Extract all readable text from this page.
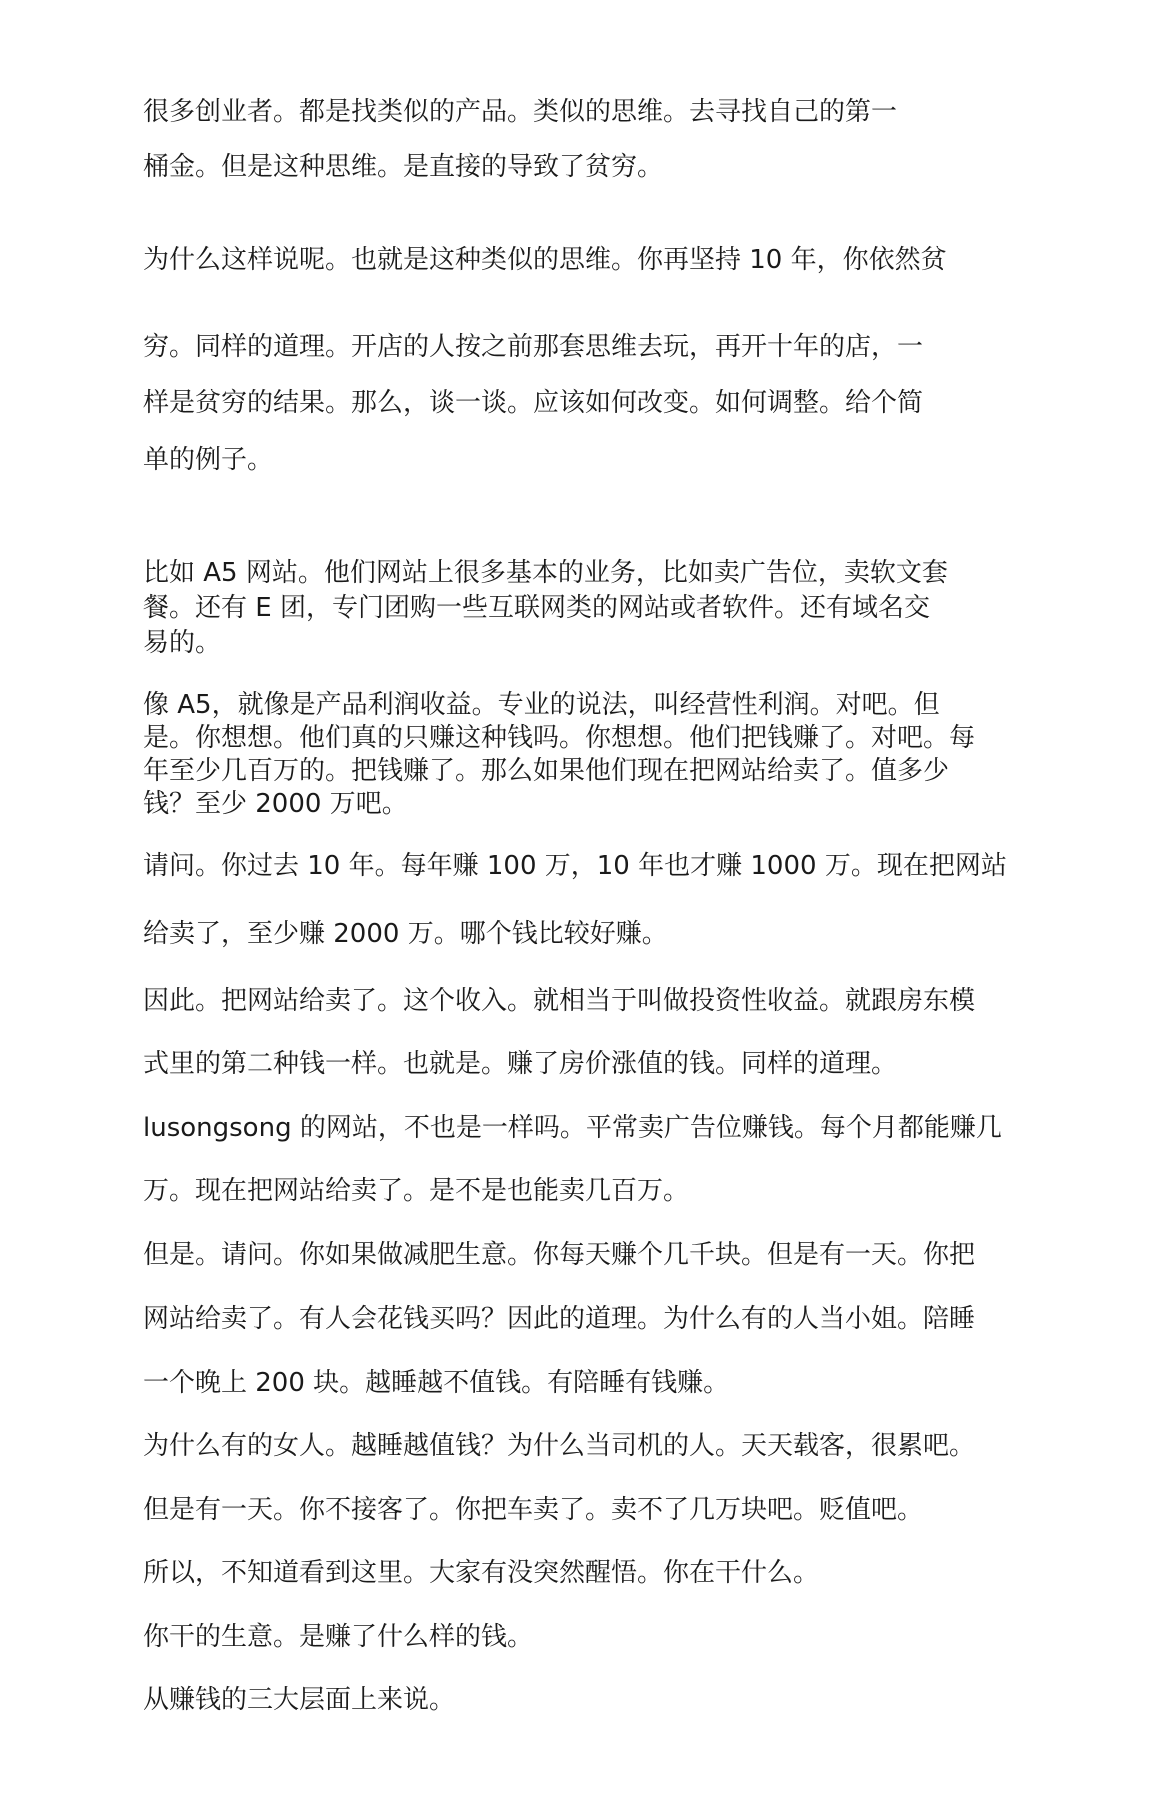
很多创业者。都是找类似的产品。类似的思维。去寻找自己的第一

桶金。但是这种思维。是直接的导致了贫穷。

为什么这样说呢。也就是这种类似的思维。你再坚持 10 年，你依然贫

穷。同样的道理。开店的人按之前那套思维去玩，再开十年的店，一

样是贫穷的结果。那么，谈一谈。应该如何改变。如何调整。给个简

单的例子。

比如 A5 网站。他们网站上很多基本的业务，比如卖广告位，卖软文套

餐。还有 E 团，专门团购一些互联网类的网站或者软件。还有域名交

易的。

像 A5，就像是产品利润收益。专业的说法，叫经营性利润。对吧。但

是。你想想。他们真的只赚这种钱吗。你想想。他们把钱赚了。对吧。每

年至少几百万的。把钱赚了。那么如果他们现在把网站给卖了。值多少

钱？至少 2000 万吧。

请问。你过去 10 年。每年赚 100 万，10 年也才赚 1000 万。现在把网站

给卖了，至少赚 2000 万。哪个钱比较好赚。

因此。把网站给卖了。这个收入。就相当于叫做投资性收益。就跟房东模

式里的第二种钱一样。也就是。赚了房价涨值的钱。同样的道理。

lusongsong 的网站，不也是一样吗。平常卖广告位赚钱。每个月都能赚几

万。现在把网站给卖了。是不是也能卖几百万。

但是。请问。你如果做减肥生意。你每天赚个几千块。但是有一天。你把

网站给卖了。有人会花钱买吗？因此的道理。为什么有的人当小姐。陪睡

一个晚上 200 块。越睡越不值钱。有陪睡有钱赚。

为什么有的女人。越睡越值钱？为什么当司机的人。天天载客，很累吧。

但是有一天。你不接客了。你把车卖了。卖不了几万块吧。贬值吧。

所以，不知道看到这里。大家有没突然醒悟。你在干什么。

你干的生意。是赚了什么样的钱。

从赚钱的三大层面上来说。
